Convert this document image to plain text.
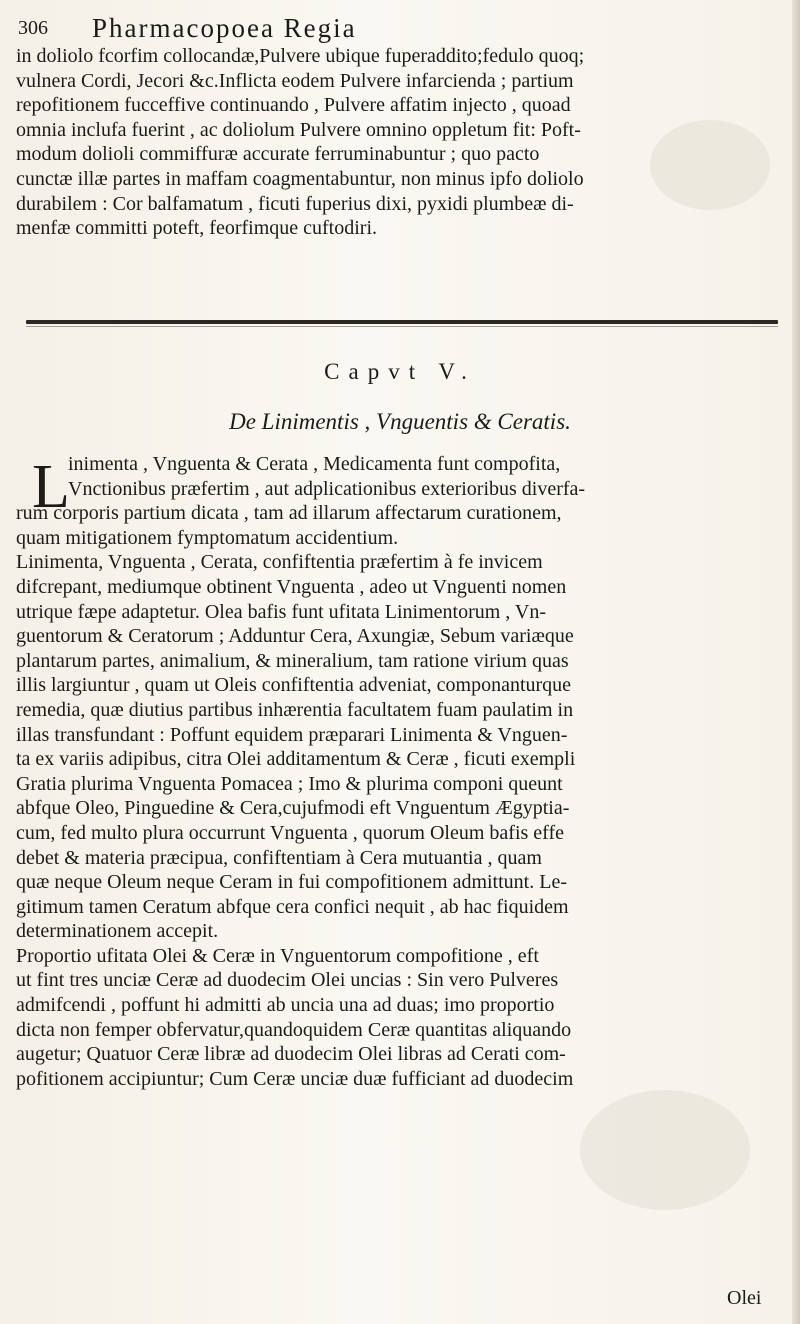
306 Pharmacopoea Regia
in doliolo fcorfim collocandæ,Pulvere ubique fuperaddito;fedulo quoq;
vulnera Cordi, Jecori &c.Inflicta eodem Pulvere infarcienda ; partium
repofitionem fucceffive continuando , Pulvere affatim injecto , quoad
omnia inclufa fuerint , ac doliolum Pulvere omnino oppletum fit: Poft-
modum dolioli commiffuræ accurate ferruminabuntur ; quo pacto
cunctæ illæ partes in maffam coagmentabuntur, non minus ipfo doliolo
durabilem : Cor balfamatum , ficuti fuperius dixi, pyxidi plumbeæ di-
menfæ committi poteft, feorfimque cuftodiri.
Capvt V.
De Linimentis , Vnguentis & Ceratis.
L
inimenta , Vnguenta & Cerata , Medicamenta funt compofita,
Vnctionibus præfertim , aut adplicationibus exterioribus diverfa-
rum corporis partium dicata , tam ad illarum affectarum curationem,
quam mitigationem fymptomatum accidentium.
Linimenta, Vnguenta , Cerata, confiftentia præfertim à fe invicem
difcrepant, mediumque obtinent Vnguenta , adeo ut Vnguenti nomen
utrique fæpe adaptetur. Olea bafis funt ufitata Linimentorum , Vn-
guentorum & Ceratorum ; Adduntur Cera, Axungiæ, Sebum variæque
plantarum partes, animalium, & mineralium, tam ratione virium quas
illis largiuntur , quam ut Oleis confiftentia adveniat, componanturque
remedia, quæ diutius partibus inhærentia facultatem fuam paulatim in
illas transfundant : Poffunt equidem præparari Linimenta & Vnguen-
ta ex variis adipibus, citra Olei additamentum & Ceræ , ficuti exempli
Gratia plurima Vnguenta Pomacea ; Imo & plurima componi queunt
abfque Oleo, Pinguedine & Cera,cujufmodi eft Vnguentum Ægyptia-
cum, fed multo plura occurrunt Vnguenta , quorum Oleum bafis effe
debet & materia præcipua, confiftentiam à Cera mutuantia , quam
quæ neque Oleum neque Ceram in fui compofitionem admittunt. Le-
gitimum tamen Ceratum abfque cera confici nequit , ab hac fiquidem
determinationem accepit.
Proportio ufitata Olei & Ceræ in Vnguentorum compofitione , eft
ut fint tres unciæ Ceræ ad duodecim Olei uncias : Sin vero Pulveres
admifcendi , poffunt hi admitti ab uncia una ad duas; imo proportio
dicta non femper obfervatur,quandoquidem Ceræ quantitas aliquando
augetur; Quatuor Ceræ libræ ad duodecim Olei libras ad Cerati com-
pofitionem accipiuntur; Cum Ceræ unciæ duæ fufficiant ad duodecim
Olei
